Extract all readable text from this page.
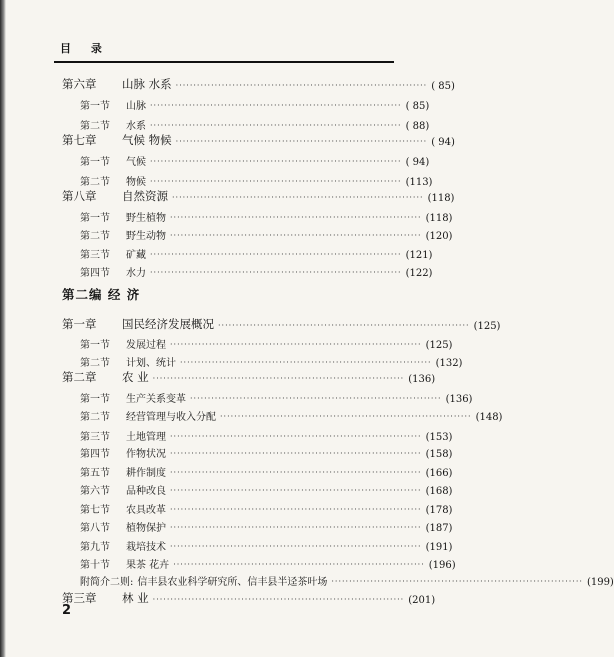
目 录
第六章 山脉 水系 ······································································· ( 85)
第一节 山脉 ······································································· ( 85)
第二节 水系 ······································································· ( 88)
第七章 气候 物候 ······································································· ( 94)
第一节 气候 ······································································· ( 94)
第二节 物候 ······································································· (113)
第八章 自然资源 ······································································· (118)
第一节 野生植物 ······································································· (118)
第二节 野生动物 ······································································· (120)
第三节 矿藏 ······································································· (121)
第四节 水力 ······································································· (122)
第一章 国民经济发展概况 ······································································· (125)
第一节 发展过程 ······································································· (125)
第二节 计划、统计 ······································································· (132)
第二章 农 业 ······································································· (136)
第一节 生产关系变革 ······································································· (136)
第二节 经营管理与收入分配 ······································································· (148)
第三节 土地管理 ······································································· (153)
第四节 作物状况 ······································································· (158)
第五节 耕作制度 ······································································· (166)
第六节 品种改良 ······································································· (168)
第七节 农具改革 ······································································· (178)
第八节 植物保护 ······································································· (187)
第九节 栽培技术 ······································································· (191)
第十节 果茶 花卉 ······································································· (196)
附简介二则: 信丰县农业科学研究所、信丰县半迳茶叶场 ······································································· (199)
第三章 林 业 ······································································· (201)
第二编 经 济
2
